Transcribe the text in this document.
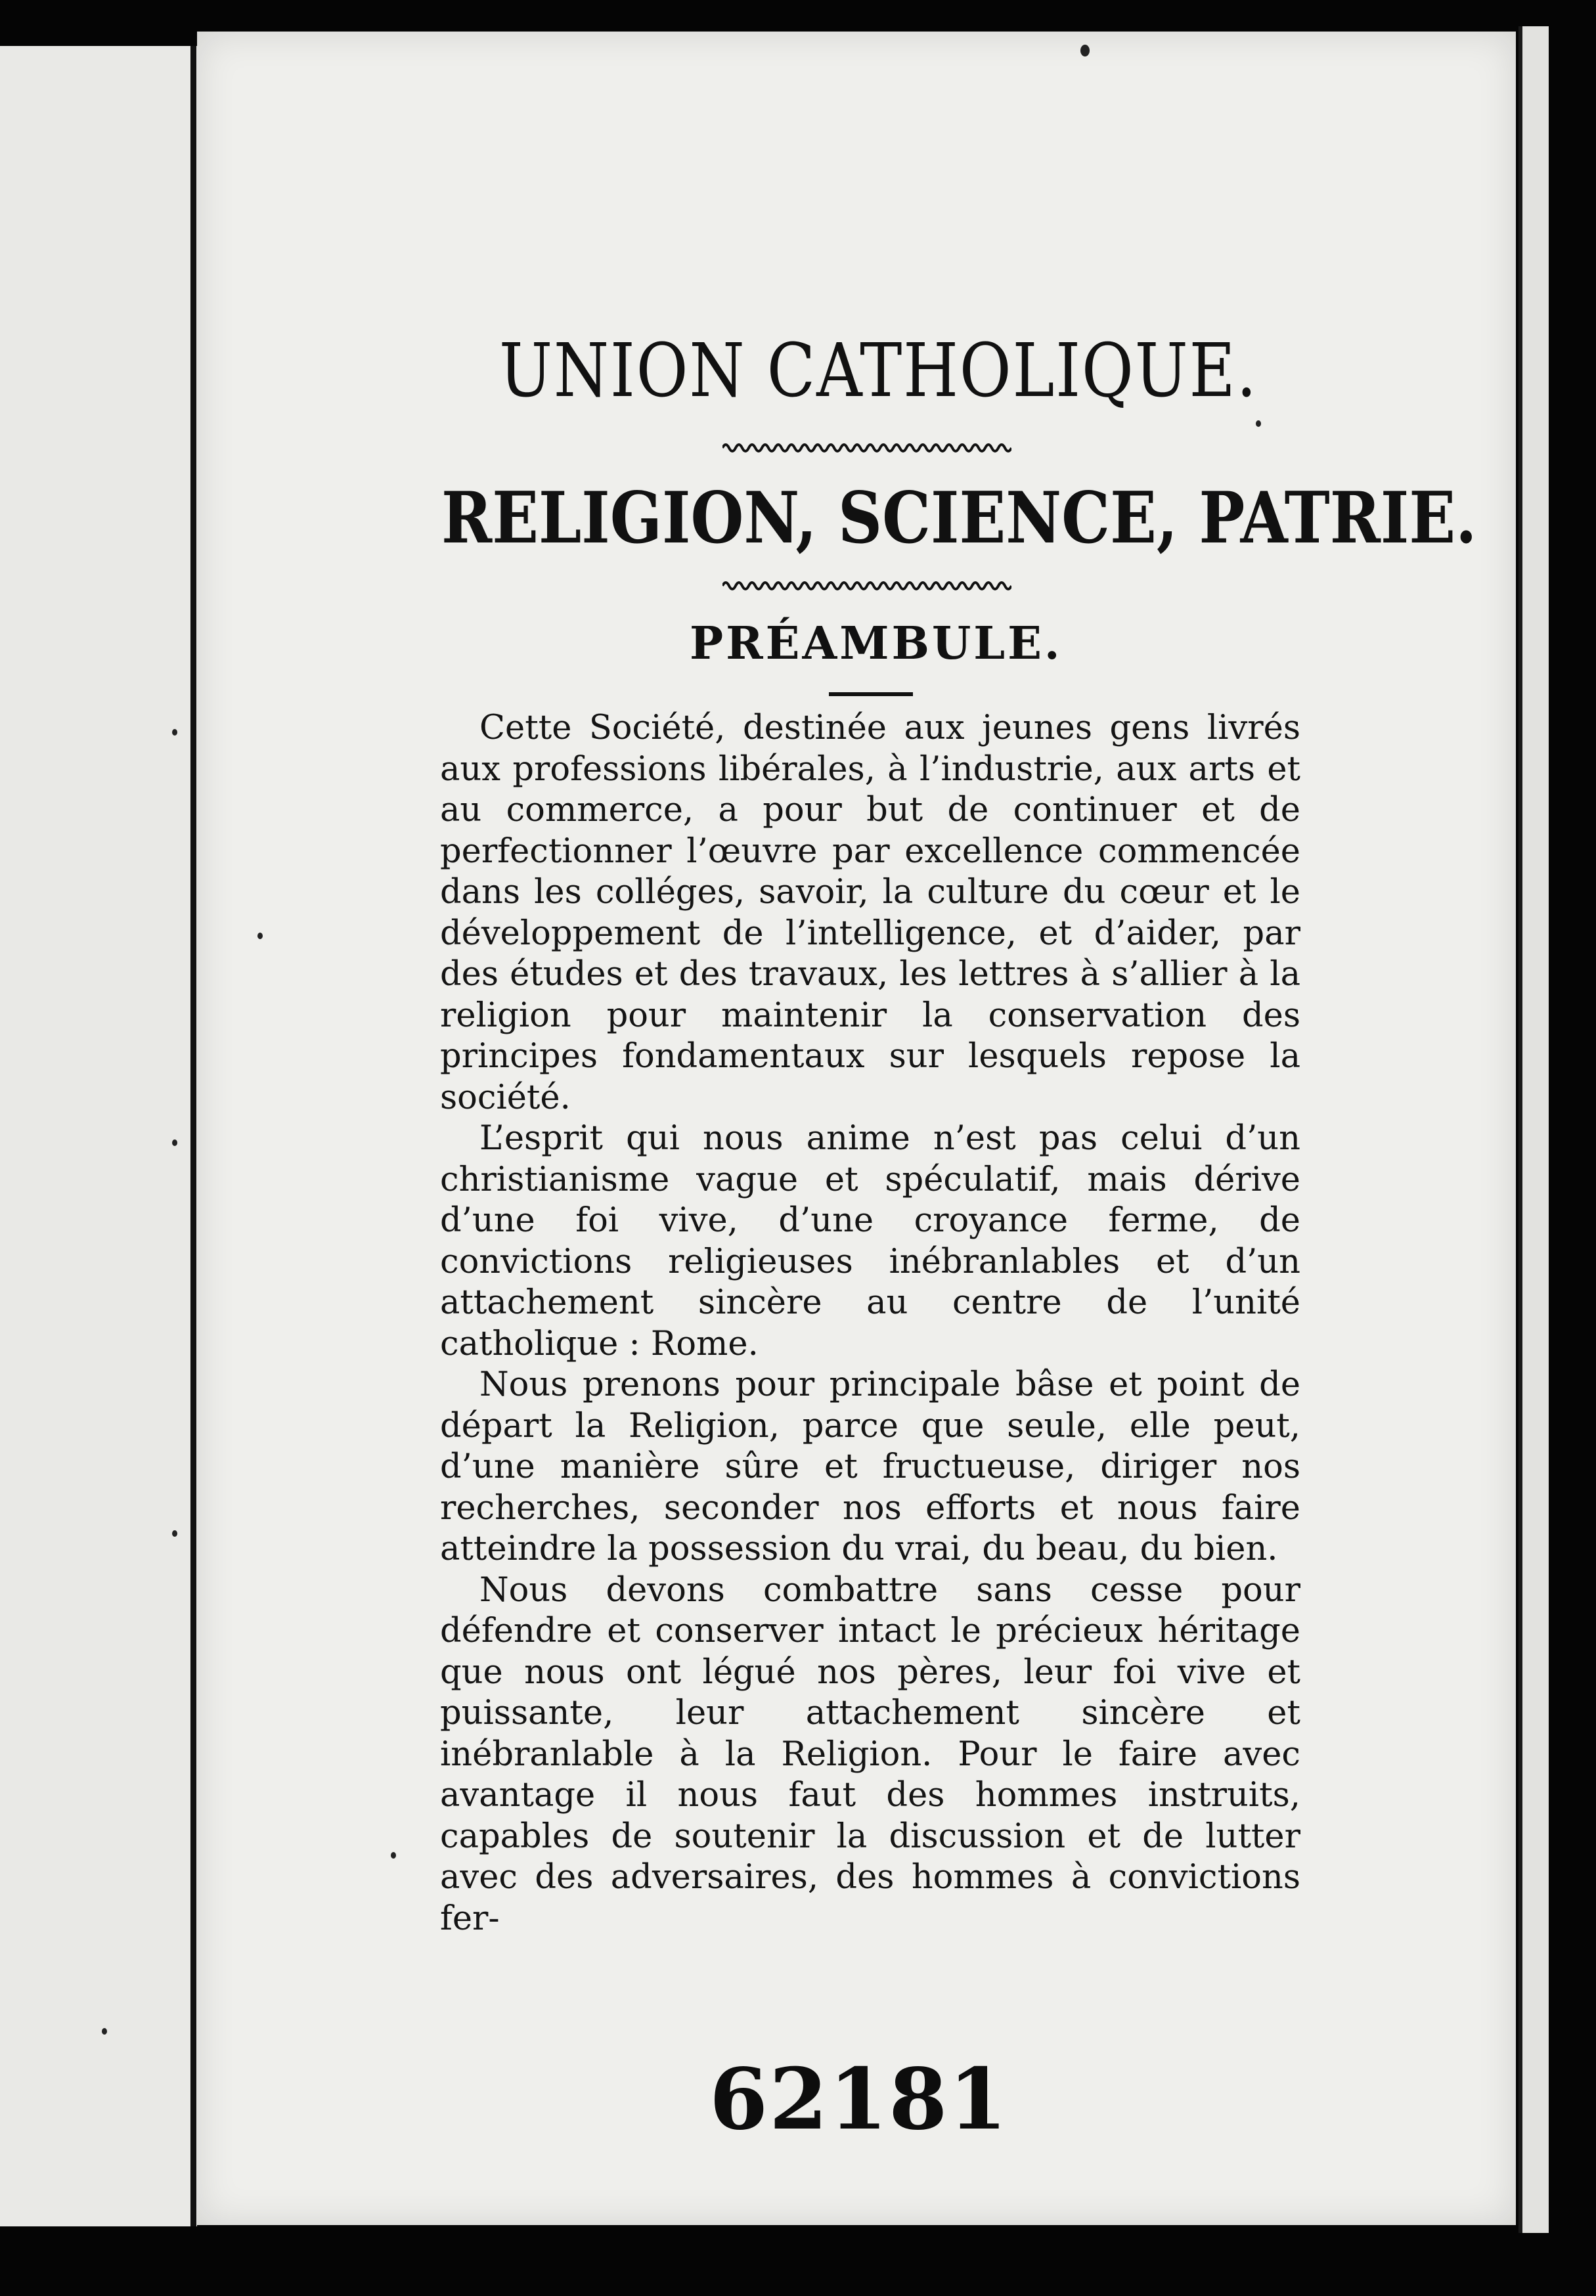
UNION CATHOLIQUE.
RELIGION, SCIENCE, PATRIE.
PRÉAMBULE.

Cette Société, destinée aux jeunes gens livrés aux professions libérales, à l’industrie, aux arts et au commerce, a pour but de continuer et de perfectionner l’œuvre par excellence commencée dans les colléges, savoir, la culture du cœur et le développement de l’intelligence, et d’aider, par des études et des travaux, les lettres à s’allier à la religion pour maintenir la conservation des principes fondamentaux sur lesquels repose la société.

L’esprit qui nous anime n’est pas celui d’un christianisme vague et spéculatif, mais dérive d’une foi vive, d’une croyance ferme, de convictions religieuses inébranlables et d’un attachement sincère au centre de l’unité catholique : Rome.

Nous prenons pour principale bâse et point de départ la Religion, parce que seule, elle peut, d’une manière sûre et fructueuse, diriger nos recherches, seconder nos efforts et nous faire atteindre la possession du vrai, du beau, du bien.

Nous devons combattre sans cesse pour défendre et conserver intact le précieux héritage que nous ont légué nos pères, leur foi vive et puissante, leur attachement sincère et inébranlable à la Religion. Pour le faire avec avantage il nous faut des hommes instruits, capables de soutenir la discussion et de lutter avec des adversaires, des hommes à convictions fer-

62181
